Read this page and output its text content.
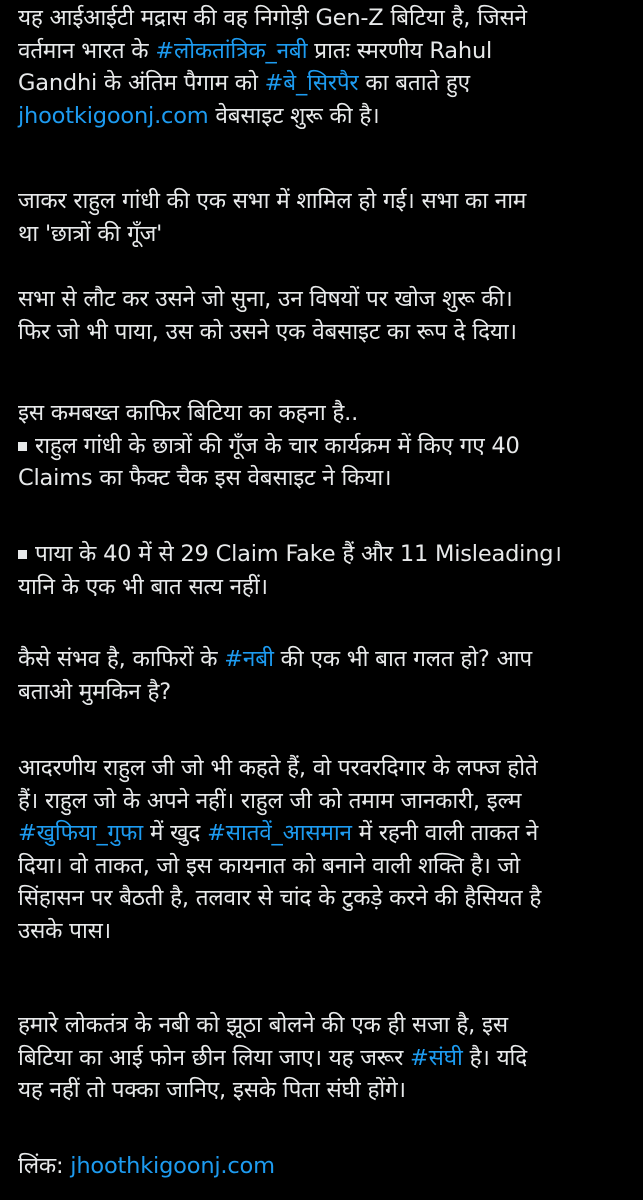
यह आईआईटी मद्रास की वह निगोड़ी Gen-Z बिटिया है, जिसने
वर्तमान भारत के #लोकतांत्रिक_नबी प्रातः स्मरणीय Rahul
Gandhi के अंतिम पैगाम को #बे_सिरपैर का बताते हुए
jhootkigoonj.com वेबसाइट शुरू की है।

जाकर राहुल गांधी की एक सभा में शामिल हो गई। सभा का नाम
था 'छात्रों की गूँज'

सभा से लौट कर उसने जो सुना, उन विषयों पर खोज शुरू की।
फिर जो भी पाया, उस को उसने एक वेबसाइट का रूप दे दिया।

इस कमबख्त काफिर बिटिया का कहना है..
राहुल गांधी के छात्रों की गूँज के चार कार्यक्रम में किए गए 40
Claims का फैक्ट चैक इस वेबसाइट ने किया।

पाया के 40 में से 29 Claim Fake हैं और 11 Misleading।
यानि के एक भी बात सत्य नहीं।

कैसे संभव है, काफिरों के #नबी की एक भी बात गलत हो? आप
बताओ मुमकिन है?

आदरणीय राहुल जी जो भी कहते हैं, वो परवरदिगार के लफ्ज होते
हैं। राहुल जो के अपने नहीं। राहुल जी को तमाम जानकारी, इल्म
#खुफिया_गुफा में खुद #सातवें_आसमान में रहनी वाली ताकत ने
दिया। वो ताकत, जो इस कायनात को बनाने वाली शक्ति है। जो
सिंहासन पर बैठती है, तलवार से चांद के टुकड़े करने की हैसियत है
उसके पास।

हमारे लोकतंत्र के नबी को झूठा बोलने की एक ही सजा है, इस
बिटिया का आई फोन छीन लिया जाए। यह जरूर #संघी है। यदि
यह नहीं तो पक्का जानिए, इसके पिता संघी होंगे।

लिंक: jhoothkigoonj.com
